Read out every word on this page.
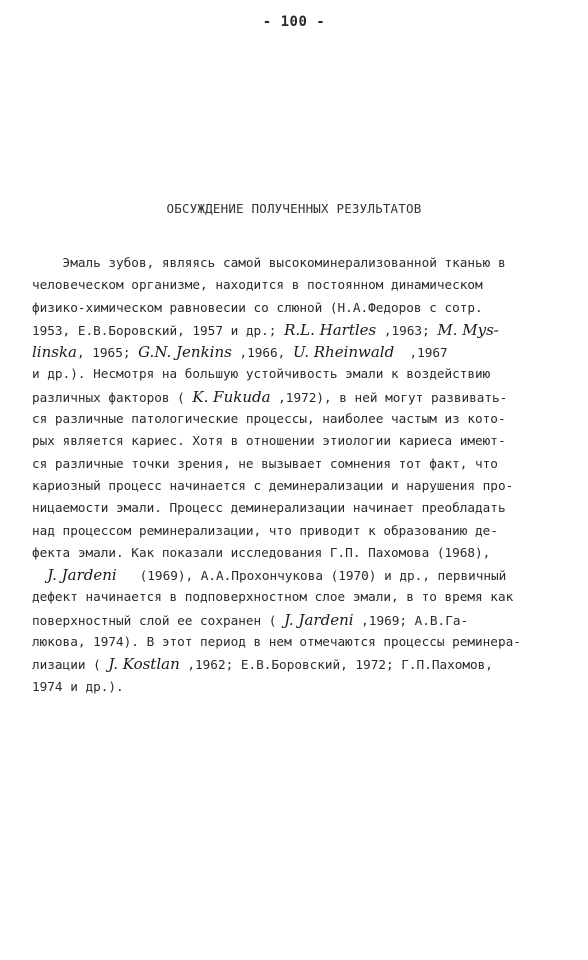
- 100 -
ОБСУЖДЕНИЕ ПОЛУЧЕННЫХ РЕЗУЛЬТАТОВ
Эмаль зубов, являясь самой высокоминерализованной тканью в
человеческом организме, находится в постоянном динамическом
физико-химическом равновесии со слюной (Н.А.Федоров с сотр.
1953, Е.В.Боровский, 1957 и др.; R.L. Hartles ,1963; M. Mys-
linska, 1965; G.N. Jenkins ,1966, U. Rheinwald  ,1967
и др.). Несмотря на большую устойчивость эмали к воздействию
различных факторов ( K. Fukuda ,1972), в ней могут развивать-
ся различные патологические процессы, наиболее частым из кото-
рых является кариес. Хотя в отношении этиологии кариеса имеют-
ся различные точки зрения, не вызывает сомнения тот факт, что
кариозный процесс начинается с деминерализации и нарушения про-
ницаемости эмали. Процесс деминерализации начинает преобладать
над процессом реминерализации, что приводит к образованию де-
фекта эмали. Как показали исследования Г.П. Пахомова (1968),
J. Jardeni   (1969), А.А.Прохончукова (1970) и др., первичный
дефект начинается в подповерхностном слое эмали, в то время как
поверхностный слой ее сохранен ( J. Jardeni ,1969; А.В.Га-
люкова, 1974). В этот период в нем отмечаются процессы реминера-
лизации ( J. Kostlan ,1962; Е.В.Боровский, 1972; Г.П.Пахомов,
1974 и др.).
